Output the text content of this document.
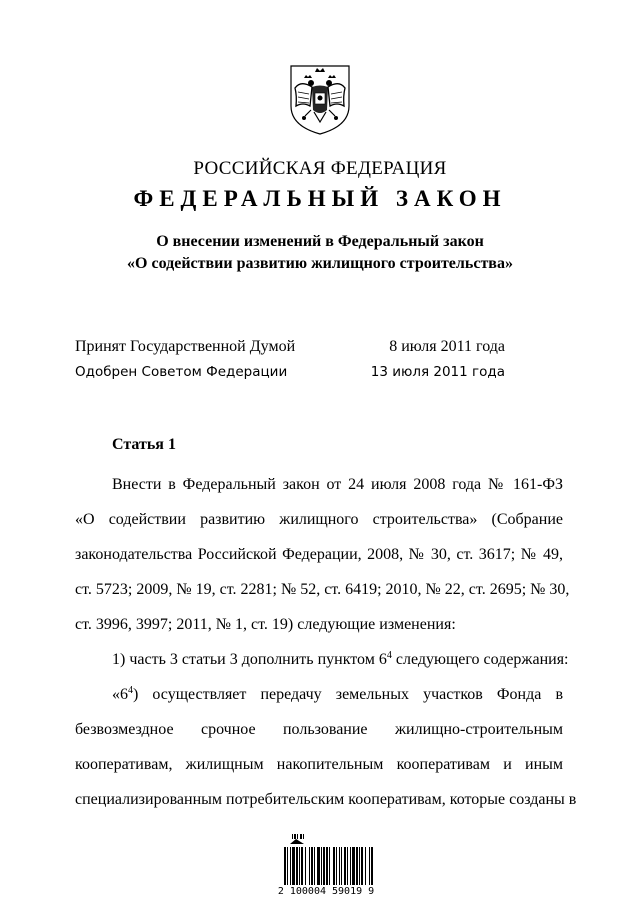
РОССИЙСКАЯ ФЕДЕРАЦИЯ
ФЕДЕРАЛЬНЫЙ ЗАКОН
О внесении изменений в Федеральный закон
«О содействии развитию жилищного строительства»
Принят Государственной Думой	8 июля 2011 года
Одобрен Советом Федерации	13 июля 2011 года
Статья 1
Внести в Федеральный закон от 24 июля 2008 года № 161-ФЗ
«О содействии развитию жилищного строительства» (Собрание
законодательства Российской Федерации, 2008, № 30, ст. 3617; № 49,
ст. 5723; 2009, № 19, ст. 2281; № 52, ст. 6419; 2010, № 22, ст. 2695; № 30,
ст. 3996, 3997; 2011, № 1, ст. 19) следующие изменения:
1) часть 3 статьи 3 дополнить пунктом $6^4$ следующего содержания:
«$6^4$) осуществляет передачу земельных участков Фонда в
безвозмездное срочное пользование жилищно-строительным
кооперативам, жилищным накопительным кооперативам и иным
специализированным потребительским кооперативам, которые созданы в
2 100004 59019 9
